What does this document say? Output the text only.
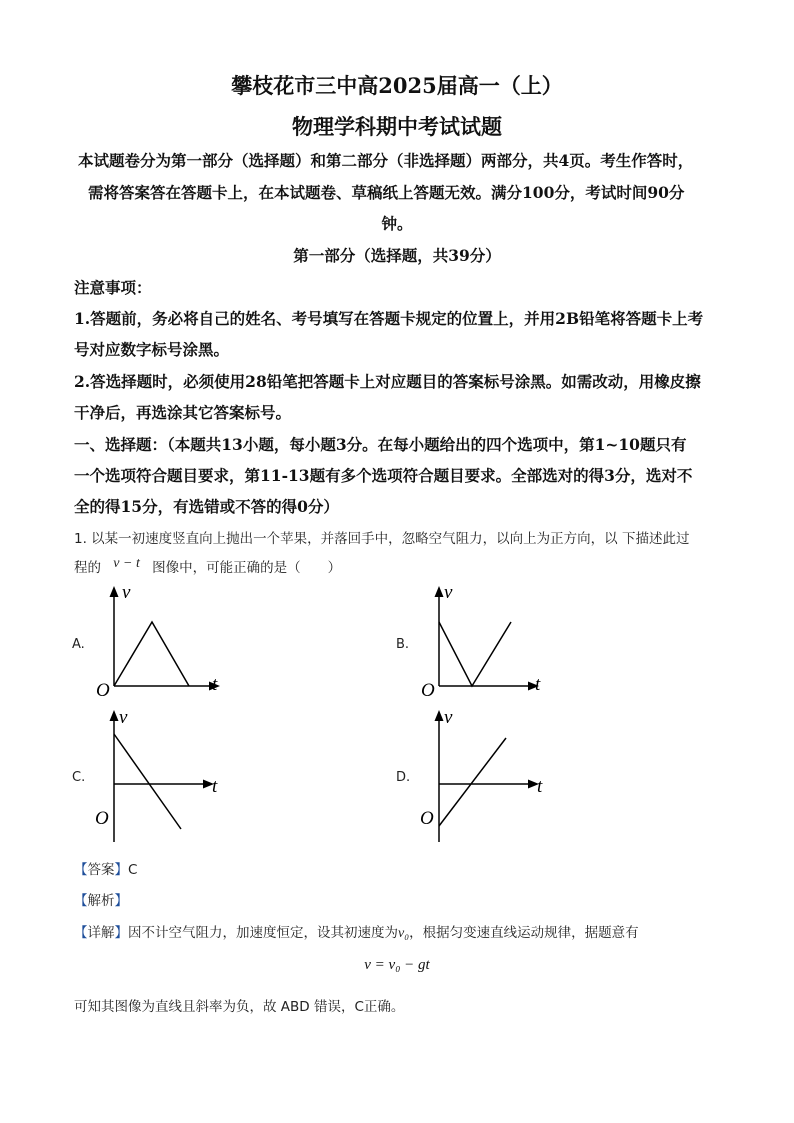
攀枝花市三中高2025届高一（上）
物理学科期中考试试题
本试题卷分为第一部分（选择题）和第二部分（非选择题）两部分，共4页。考生作答时，
需将答案答在答题卡上，在本试题卷、草稿纸上答题无效。满分100分，考试时间90分
钟。
第一部分（选择题，共39分）
注意事项：
1.答题前，务必将自己的姓名、考号填写在答题卡规定的位置上，并用2B铅笔将答题卡上考
号对应数字标号涂黑。
2.答选择题时，必须使用28铅笔把答题卡上对应题目的答案标号涂黑。如需改动，用橡皮擦
干净后，再选涂其它答案标号。
一、选择题：（本题共13小题，每小题3分。在每小题给出的四个选项中，第1~10题只有
一个选项符合题目要求，第11-13题有多个选项符合题目要求。全部选对的得3分，选对不
全的得15分，有选错或不答的得0分）
1. 以某一初速度竖直向上抛出一个苹果，并落回手中，忽略空气阻力，以向上为正方向，以 下描述此过
程的 v − t 图像中，可能正确的是（　　）
A.
v
t
O
B.
v
t
O
C.
v
t
O
D.
v
t
O
【答案】C
【解析】
【详解】因不计空气阻力，加速度恒定，设其初速度为v₀，根据匀变速直线运动规律，据题意有
v = v₀ − gt
可知其图像为直线且斜率为负，故 ABD 错误，C正确。
